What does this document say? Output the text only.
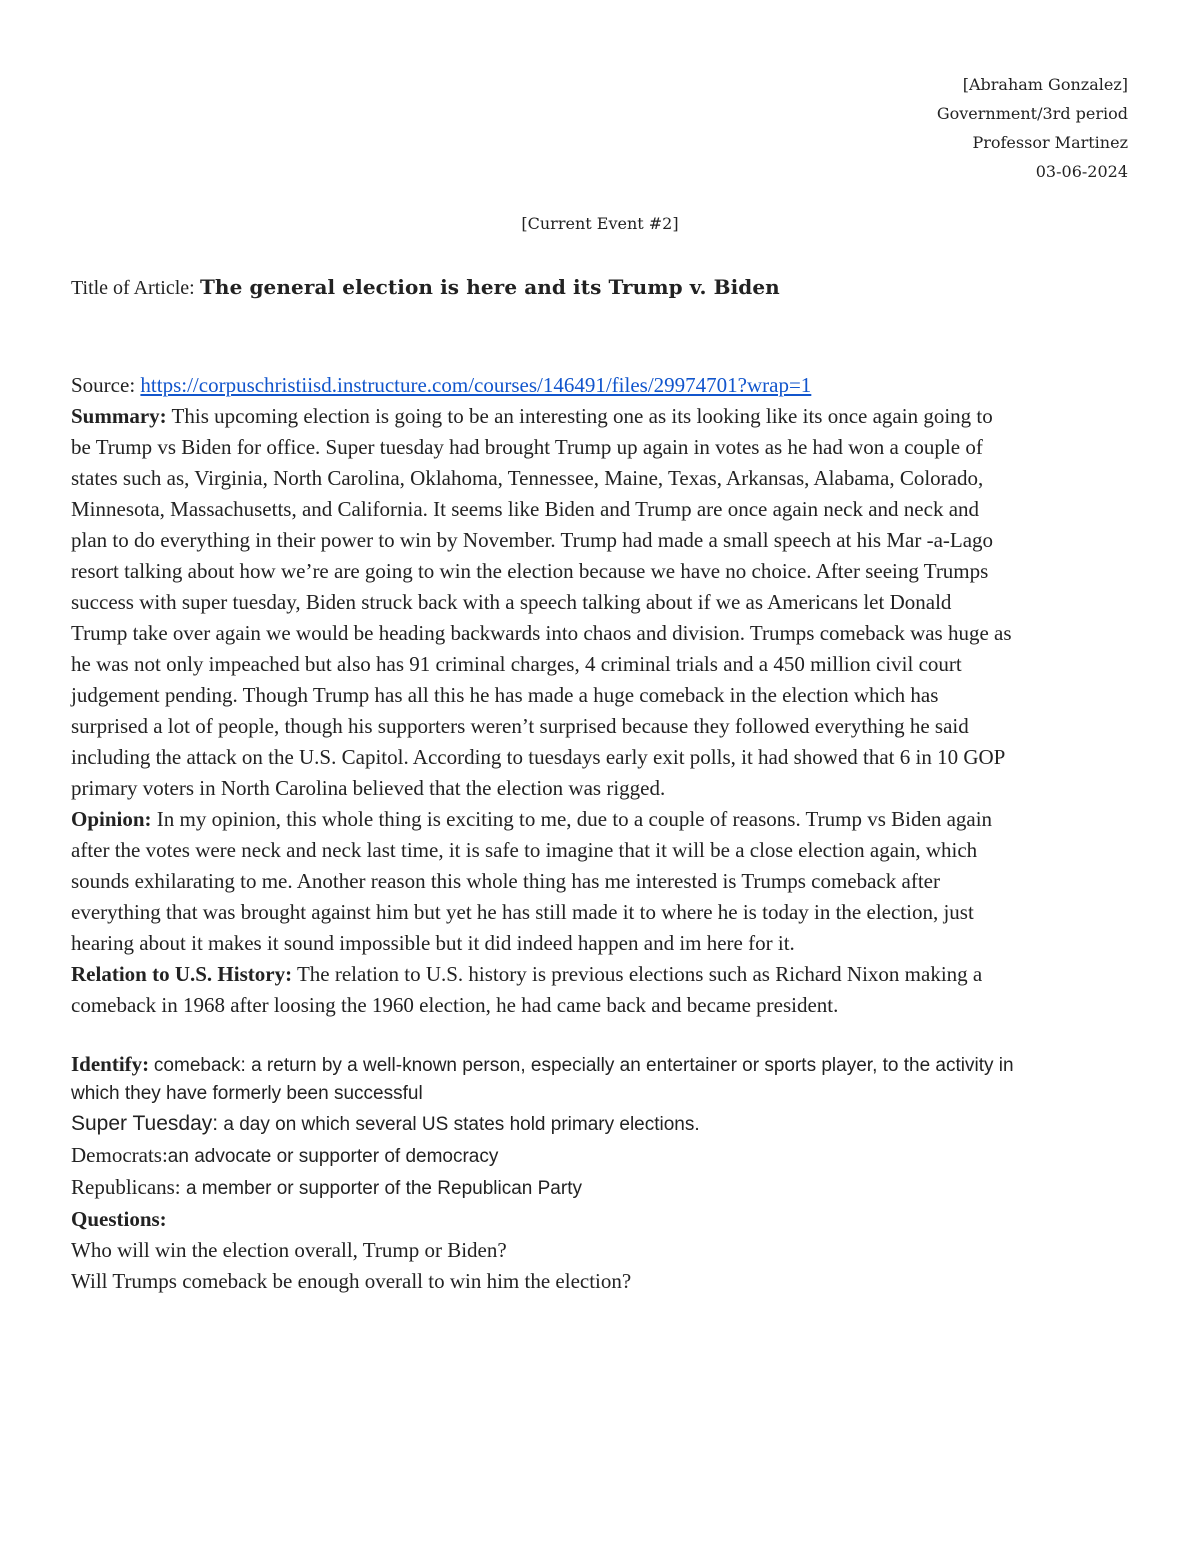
[Abraham Gonzalez]
Government/3rd period
Professor Martinez
03-06-2024
[Current Event #2]
Title of Article: The general election is here and its Trump v. Biden
Source: https://corpuschristiisd.instructure.com/courses/146491/files/29974701?wrap=1

Summary: This upcoming election is going to be an interesting one as its looking like its once again going to
be Trump vs Biden for office. Super tuesday had brought Trump up again in votes as he had won a couple of
states such as, Virginia, North Carolina, Oklahoma, Tennessee, Maine, Texas, Arkansas, Alabama, Colorado,
Minnesota, Massachusetts, and California. It seems like Biden and Trump are once again neck and neck and
plan to do everything in their power to win by November. Trump had made a small speech at his Mar -a-Lago
resort talking about how we’re are going to win the election because we have no choice. After seeing Trumps
success with super tuesday, Biden struck back with a speech talking about if we as Americans let Donald
Trump take over again we would be heading backwards into chaos and division. Trumps comeback was huge as
he was not only impeached but also has 91 criminal charges, 4 criminal trials and a 450 million civil court
judgement pending. Though Trump has all this he has made a huge comeback in the election which has
surprised a lot of people, though his supporters weren’t surprised because they followed everything he said
including the attack on the U.S. Capitol. According to tuesdays early exit polls, it had showed that 6 in 10 GOP
primary voters in North Carolina believed that the election was rigged.

Opinion: In my opinion, this whole thing is exciting to me, due to a couple of reasons. Trump vs Biden again
after the votes were neck and neck last time, it is safe to imagine that it will be a close election again, which
sounds exhilarating to me. Another reason this whole thing has me interested is Trumps comeback after
everything that was brought against him but yet he has still made it to where he is today in the election, just
hearing about it makes it sound impossible but it did indeed happen and im here for it.

Relation to U.S. History: The relation to U.S. history is previous elections such as Richard Nixon making a
comeback in 1968 after loosing the 1960 election, he had came back and became president.

Identify: comeback: a return by a well-known person, especially an entertainer or sports player, to the activity in
which they have formerly been successful
Super Tuesday: a day on which several US states hold primary elections.
Democrats:an advocate or supporter of democracy
Republicans: a member or supporter of the Republican Party
Questions:
Who will win the election overall, Trump or Biden?
Will Trumps comeback be enough overall to win him the election?
